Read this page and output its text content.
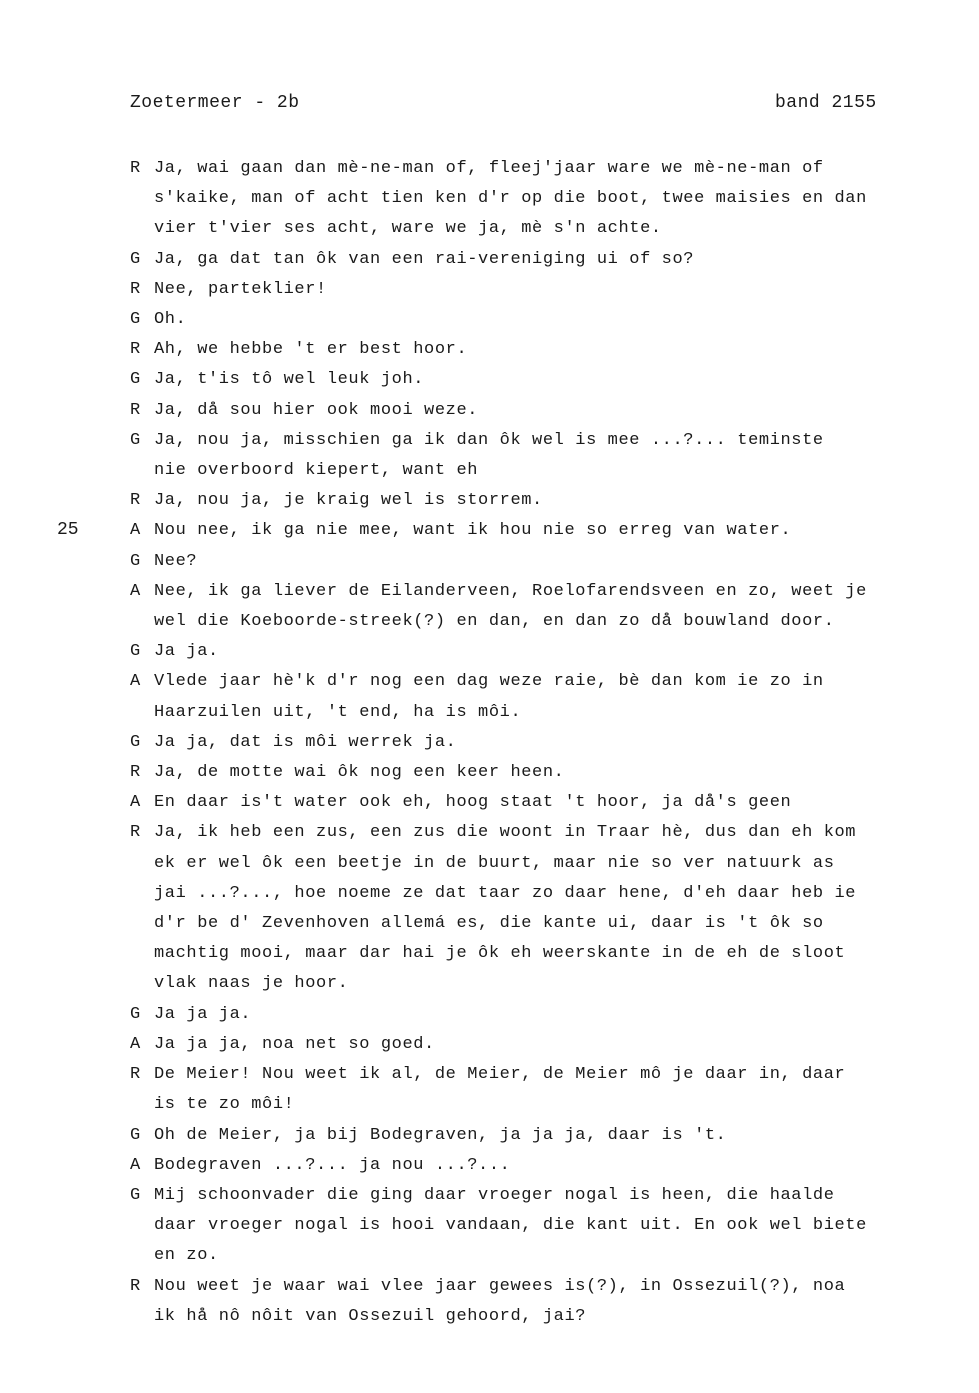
Zoetermeer - 2b	band 2155
25
R Ja, wai gaan dan mè-ne-man of, fleej'jaar ware we mè-ne-man of
s'kaike, man of acht tien ken d'r op die boot, twee maisies en dan
vier t'vier ses acht, ware we ja, mè s'n achte.
G Ja, ga dat tan ôk van een rai-vereniging ui of so?
R Nee, parteklier!
G Oh.
R Ah, we hebbe 't er best hoor.
G Ja, t'is tô wel leuk joh.
R Ja, då sou hier ook mooi weze.
G Ja, nou ja, misschien ga ik dan ôk wel is mee ...?... teminste
nie overboord kiepert, want eh
R Ja, nou ja, je kraig wel is storrem.
A Nou nee, ik ga nie mee, want ik hou nie so erreg van water.
G Nee?
A Nee, ik ga liever de Eilanderveen, Roelofarendsveen en zo, weet je
wel die Koeboorde-streek(?) en dan, en dan zo då bouwland door.
G Ja ja.
A Vlede jaar hè'k d'r nog een dag weze raie, bè dan kom ie zo in
Haarzuilen uit, 't end, ha is môi.
G Ja ja, dat is môi werrek ja.
R Ja, de motte wai ôk nog een keer heen.
A En daar is't water ook eh, hoog staat 't hoor, ja då's geen
R Ja, ik heb een zus, een zus die woont in Traar hè, dus dan eh kom
ek er wel ôk een beetje in de buurt, maar nie so ver natuurk as
jai ...?..., hoe noeme ze dat taar zo daar hene, d'eh daar heb ie
d'r be d' Zevenhoven allemá es, die kante ui, daar is 't ôk so
machtig mooi, maar dar hai je ôk eh weerskante in de eh de sloot
vlak naas je hoor.
G Ja ja ja.
A Ja ja ja, noa net so goed.
R De Meier! Nou weet ik al, de Meier, de Meier mô je daar in, daar
is te zo môi!
G Oh de Meier, ja bij Bodegraven, ja ja ja, daar is 't.
A Bodegraven ...?... ja nou ...?...
G Mij schoonvader die ging daar vroeger nogal is heen, die haalde
daar vroeger nogal is hooi vandaan, die kant uit. En ook wel biete
en zo.
R Nou weet je waar wai vlee jaar gewees is(?), in Ossezuil(?), noa
ik hå nô nôit van Ossezuil gehoord, jai?
